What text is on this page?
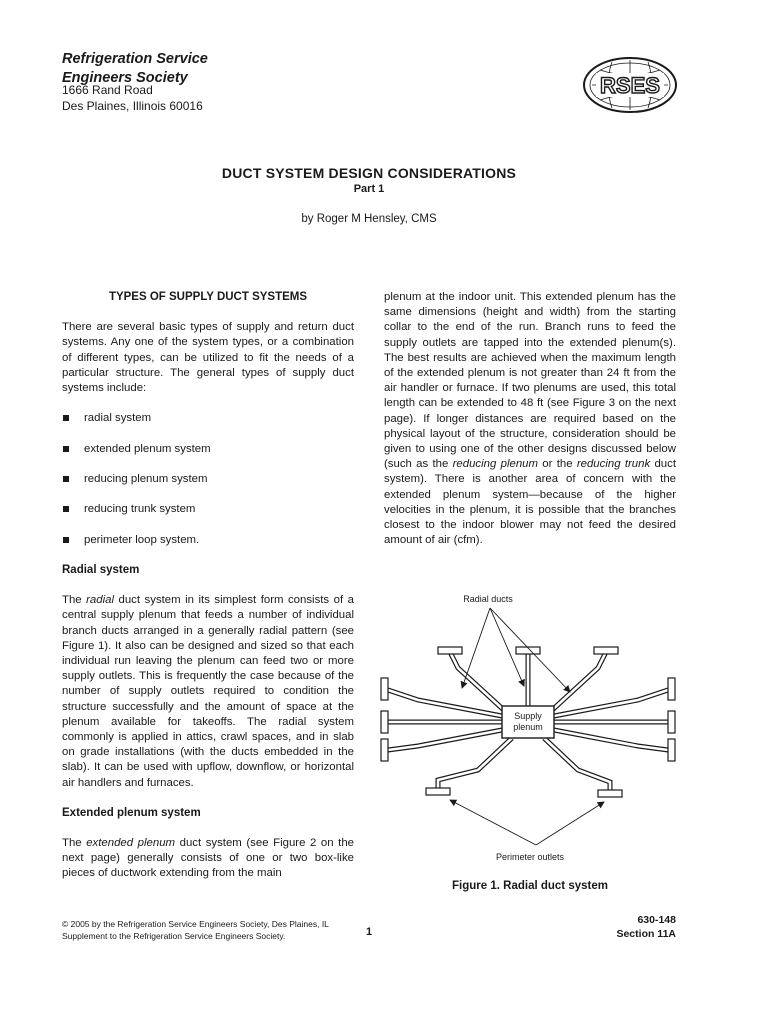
Refrigeration Service
Engineers Society
1666 Rand Road
Des Plaines, Illinois 60016
RSES
DUCT SYSTEM DESIGN CONSIDERATIONS
Part 1
by Roger M Hensley, CMS

TYPES OF SUPPLY DUCT SYSTEMS

There are several basic types of supply and return duct systems. Any one of the system types, or a combination of different types, can be utilized to fit the needs of a particular structure. The general types of supply duct systems include:

radial system
extended plenum system
reducing plenum system
reducing trunk system
perimeter loop system.

Radial system

The radial duct system in its simplest form consists of a central supply plenum that feeds a number of individual branch ducts arranged in a generally radial pattern (see Figure 1). It also can be designed and sized so that each individual run leaving the plenum can feed two or more supply outlets. This is frequently the case because of the number of supply outlets required to condition the structure successfully and the amount of space at the plenum available for takeoffs. The radial system commonly is applied in attics, crawl spaces, and in slab on grade installations (with the ducts embedded in the slab). It can be used with upflow, downflow, or horizontal air handlers and furnaces.

Extended plenum system

The extended plenum duct system (see Figure 2 on the next page) generally consists of one or two box-like pieces of ductwork extending from the main

plenum at the indoor unit. This extended plenum has the same dimensions (height and width) from the starting collar to the end of the run. Branch runs to feed the supply outlets are tapped into the extended plenum(s). The best results are achieved when the maximum length of the extended plenum is not greater than 24 ft from the air handler or furnace. If two plenums are used, this total length can be extended to 48 ft (see Figure 3 on the next page). If longer distances are required based on the physical layout of the structure, consideration should be given to using one of the other designs discussed below (such as the reducing plenum or the reducing trunk duct system). There is another area of concern with the extended plenum system—because of the higher velocities in the plenum, it is possible that the branches closest to the indoor blower may not feed the desired amount of air (cfm).

Supply
plenum
Radial ducts
Perimeter outlets
Figure 1. Radial duct system
© 2005 by the Refrigeration Service Engineers Society, Des Plaines, IL
Supplement to the Refrigeration Service Engineers Society.	1
630-148
Section 11A
